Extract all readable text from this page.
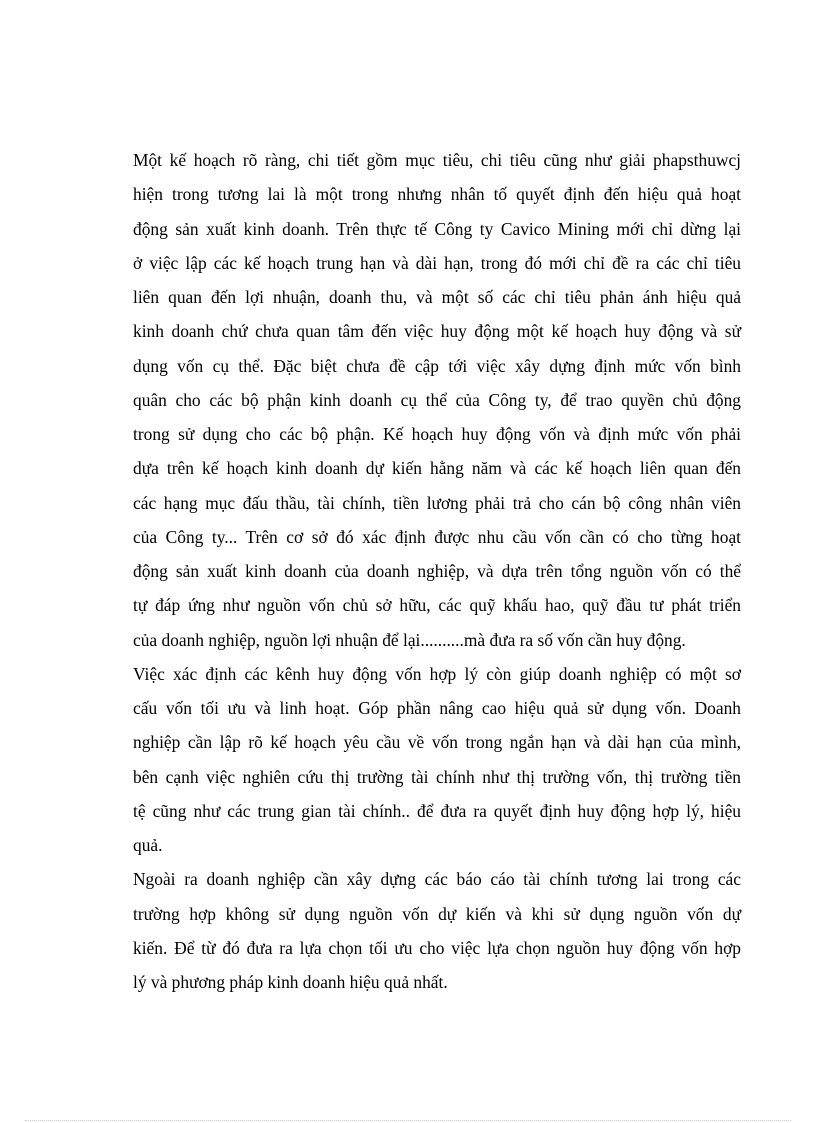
Một kế hoạch rõ ràng, chi tiết gồm mục tiêu, chi tiêu cũng như giải phapsthuwcj
hiện trong tương lai là một trong nhưng nhân tố quyết định đến hiệu quả hoạt
động sản xuất kinh doanh. Trên thực tế Công ty Cavico Mining mới chỉ dừng lại
ở việc lập các kế hoạch trung hạn và dài hạn, trong đó mới chỉ đề ra các chỉ tiêu
liên quan đến lợi nhuận, doanh thu, và một số các chỉ tiêu phản ánh hiệu quả
kinh doanh chứ chưa quan tâm đến việc huy động một kế hoạch huy động và sử
dụng vốn cụ thể. Đặc biệt chưa đề cập tới việc xây dựng định mức vốn bình
quân cho các bộ phận kinh doanh cụ thể của Công ty, để trao quyền chủ động
trong sử dụng cho các bộ phận. Kế hoạch huy động vốn và định mức vốn phải
dựa trên kế hoạch kinh doanh dự kiến hằng năm và các kế hoạch liên quan đến
các hạng mục đấu thầu, tài chính, tiền lương phải trả cho cán bộ công nhân viên
của Công ty... Trên cơ sở đó xác định được nhu cầu vốn cần có cho từng hoạt
động sản xuất kinh doanh của doanh nghiệp, và dựa trên tổng nguồn vốn có thể
tự đáp ứng như nguồn vốn chủ sở hữu, các quỹ khấu hao, quỹ đầu tư phát triển
của doanh nghiệp, nguồn lợi nhuận để lại..........mà đưa ra số vốn cần huy động.

Việc xác định các kênh huy động vốn hợp lý còn giúp doanh nghiệp có một sơ
cấu vốn tối ưu và linh hoạt. Góp phần nâng cao hiệu quả sử dụng vốn. Doanh
nghiệp cần lập rõ kế hoạch yêu cầu về vốn trong ngắn hạn và dài hạn của mình,
bên cạnh việc nghiên cứu thị trường tài chính như thị trường vốn, thị trường tiền
tệ cũng như các trung gian tài chính.. để đưa ra quyết định huy động hợp lý, hiệu
quả.

Ngoài ra doanh nghiệp cần xây dựng các báo cáo tài chính tương lai trong các
trường hợp không sử dụng nguồn vốn dự kiến và khi sử dụng nguồn vốn dự
kiến. Để từ đó đưa ra lựa chọn tối ưu cho việc lựa chọn nguồn huy động vốn hợp
lý và phương pháp kinh doanh hiệu quả nhất.
